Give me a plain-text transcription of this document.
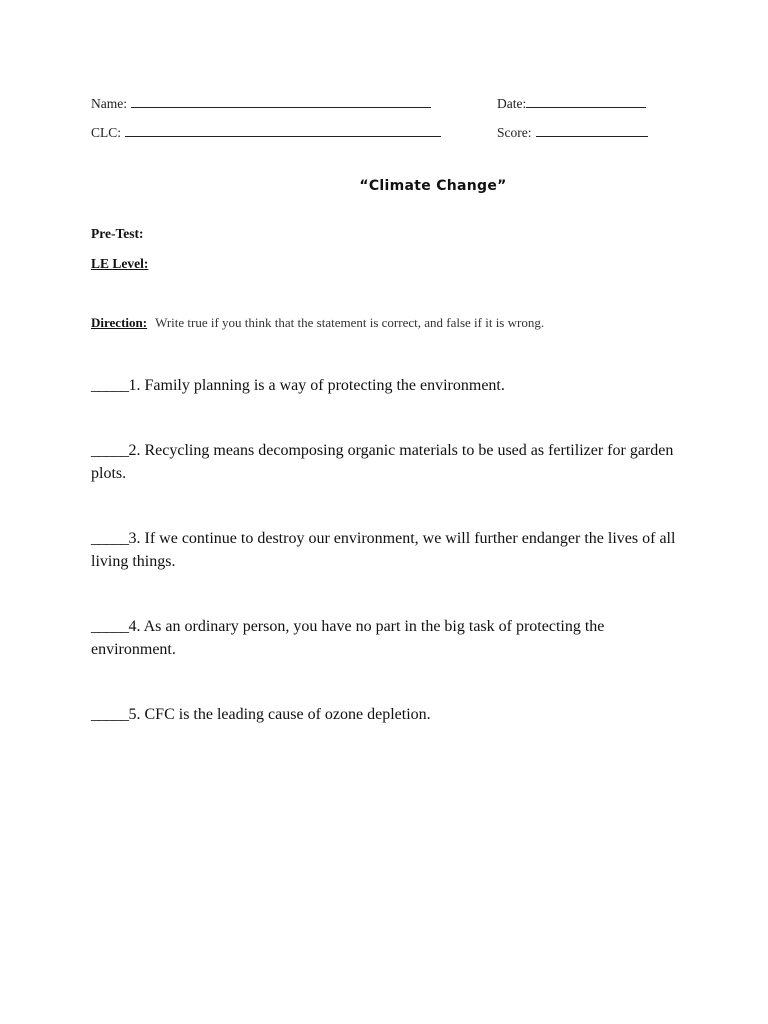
Name:	Date:
CLC:	Score:
“Climate Change”
Pre-Test:
LE Level:
Direction: Write true if you think that the statement is correct, and false if it is wrong.
_____1. Family planning is a way of protecting the environment.
_____2. Recycling means decomposing organic materials to be used as fertilizer for garden plots.
_____3. If we continue to destroy our environment, we will further endanger the lives of all living things.
_____4. As an ordinary person, you have no part in the big task of protecting the environment.
_____5. CFC is the leading cause of ozone depletion.
